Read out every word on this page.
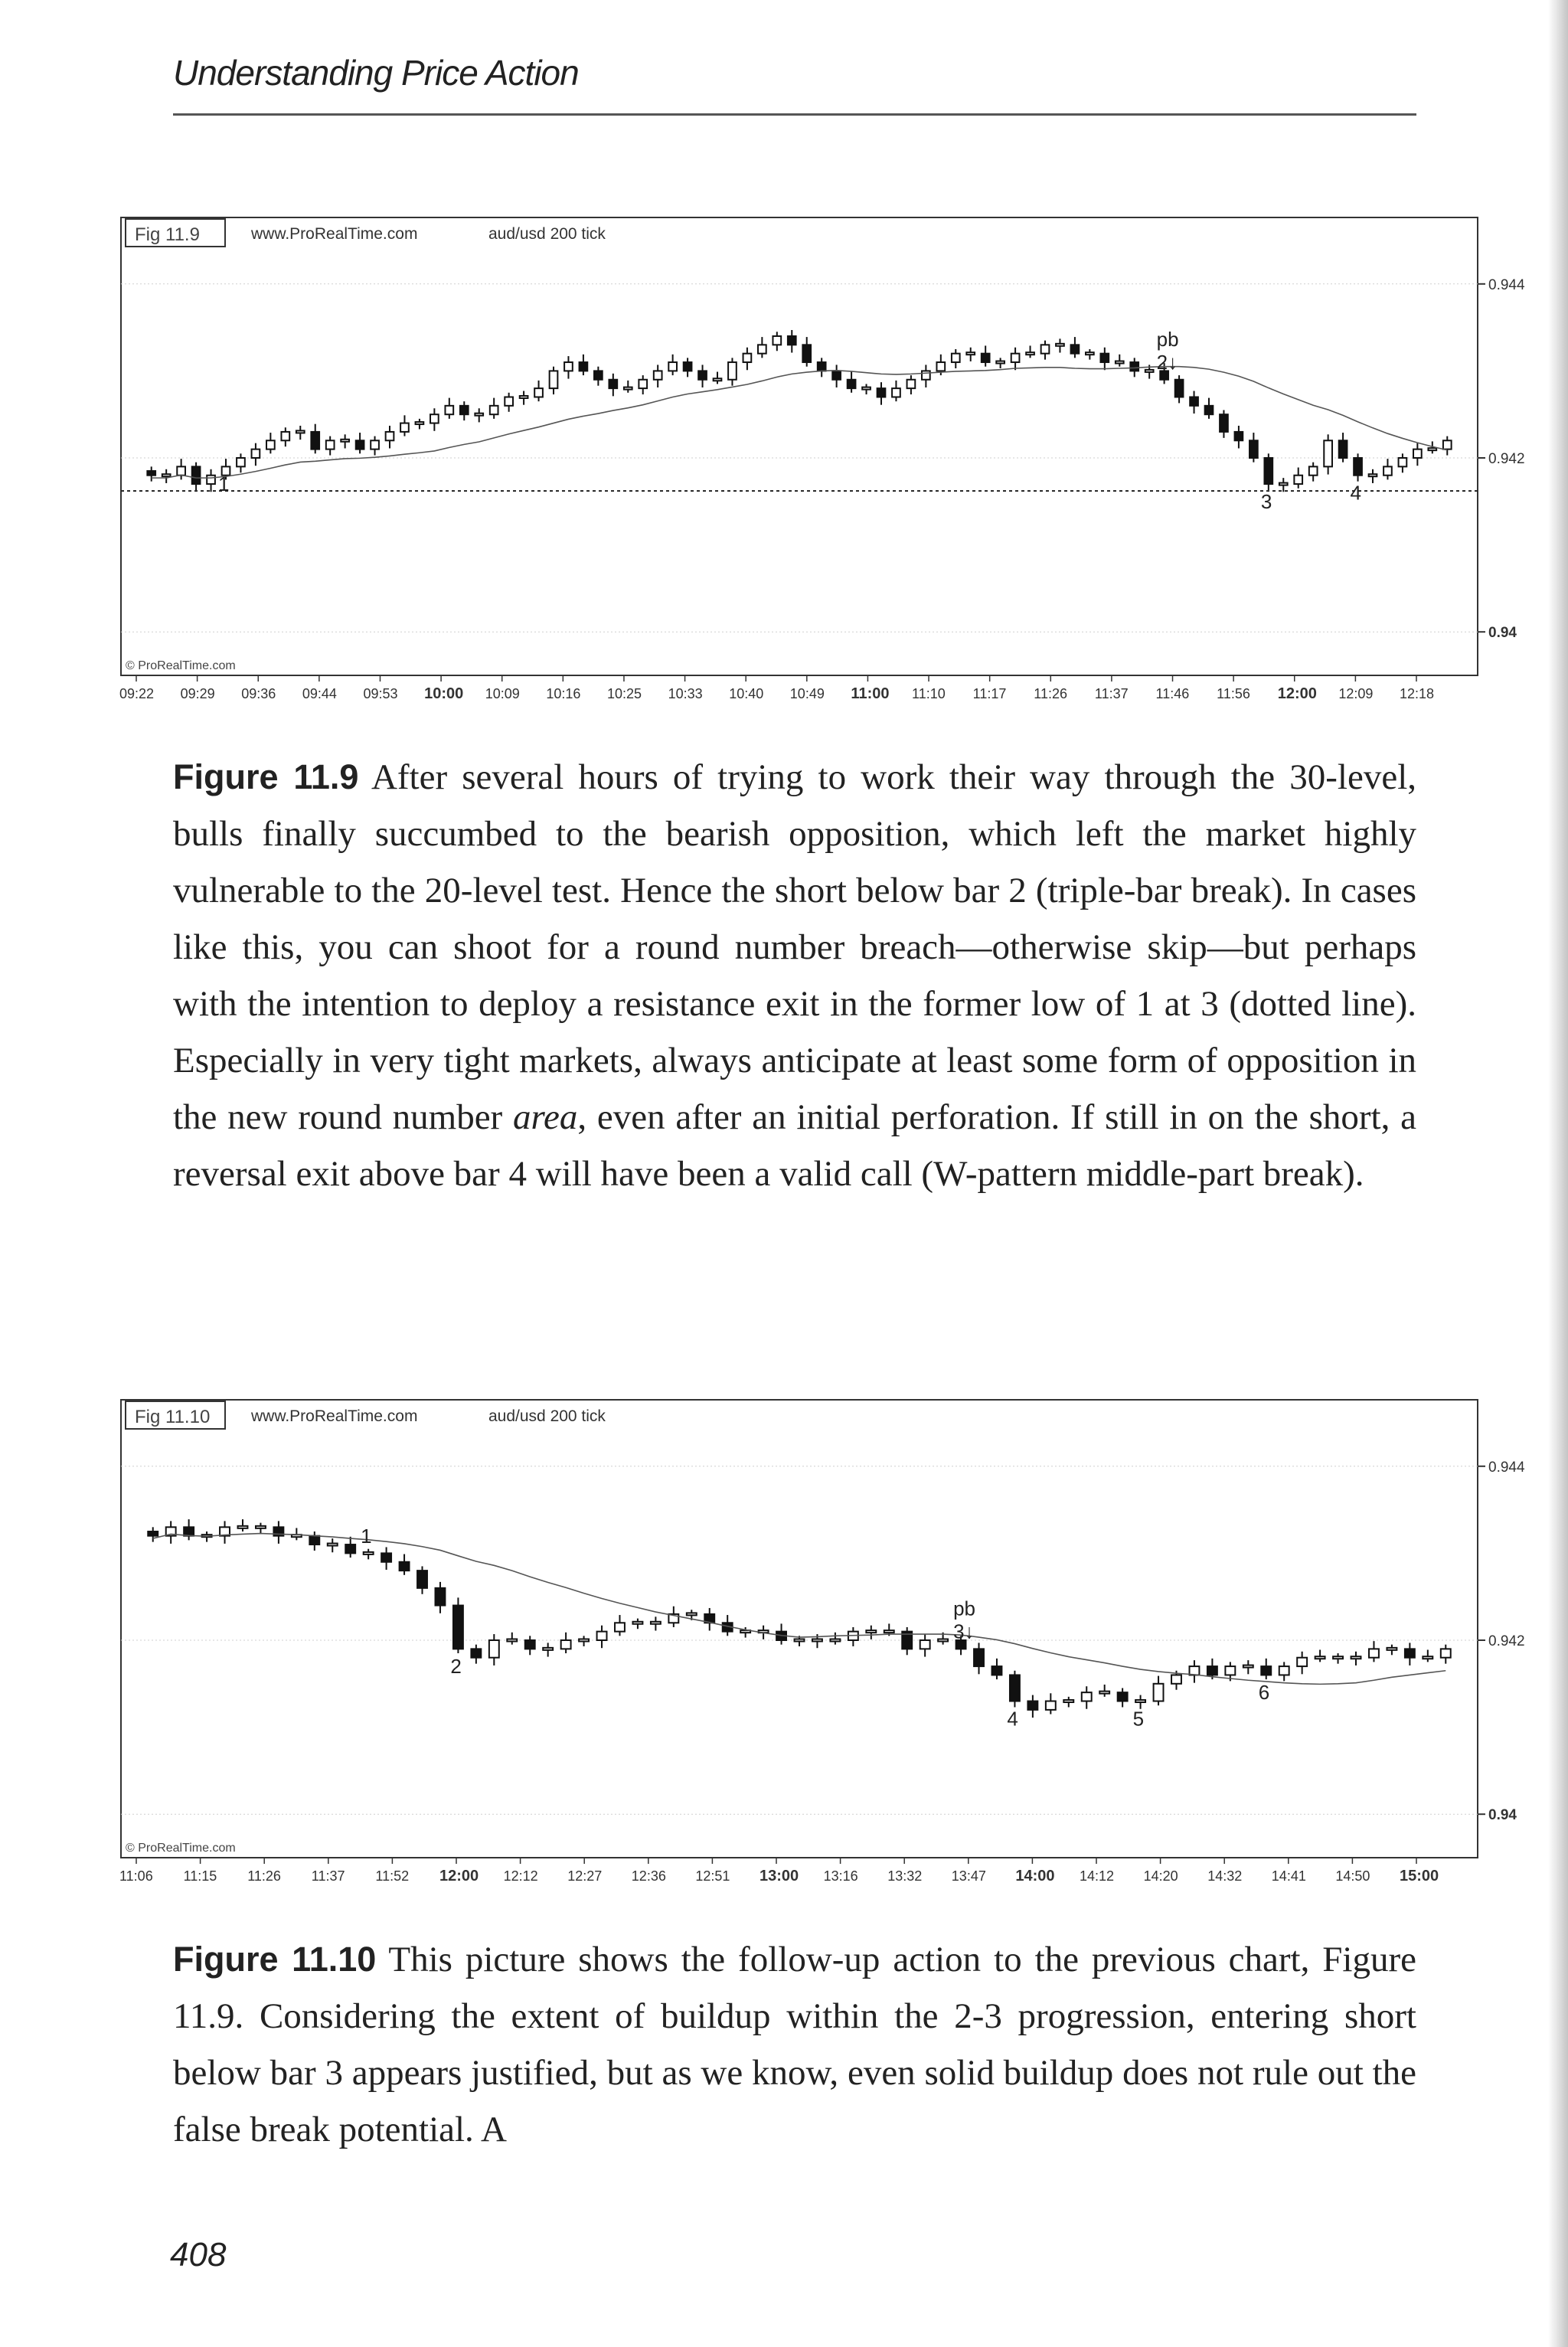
Understanding Price Action
Fig 11.9	www.ProRealTime.com	aud/usd 200 tick
0.944
0.942
0.94
© ProRealTime.com
09:22 09:29 09:36 09:44 09:53 10:00 10:09 10:16 10:25 10:33 10:40 10:49 11:00 11:10 11:17 11:26 11:37 11:46 11:56 12:00 12:09 12:18
pb
2↓
1
3	4
Figure 11.9 After several hours of trying to work their way through the 30-level, bulls finally succumbed to the bearish opposition, which left the market highly vulnerable to the 20-level test. Hence the short below bar 2 (triple-bar break). In cases like this, you can shoot for a round number breach—otherwise skip—but perhaps with the intention to deploy a resistance exit in the former low of 1 at 3 (dotted line). Especially in very tight markets, always anticipate at least some form of opposition in the new round number area, even after an initial perforation. If still in on the short, a reversal exit above bar 4 will have been a valid call (W-pattern middle-part break).
Fig 11.10	www.ProRealTime.com	aud/usd 200 tick
0.944
0.942
0.94
© ProRealTime.com
11:06 11:15 11:26 11:37 11:52 12:00 12:12 12:27 12:36 12:51 13:00 13:16 13:32 13:47 14:00 14:12 14:20 14:32 14:41 14:50 15:00
1
2
pb
3↓
4	5
6
Figure 11.10 This picture shows the follow-up action to the previous chart, Figure 11.9. Considering the extent of buildup within the 2-3 progression, entering short below bar 3 appears justified, but as we know, even solid buildup does not rule out the false break potential. A
408
